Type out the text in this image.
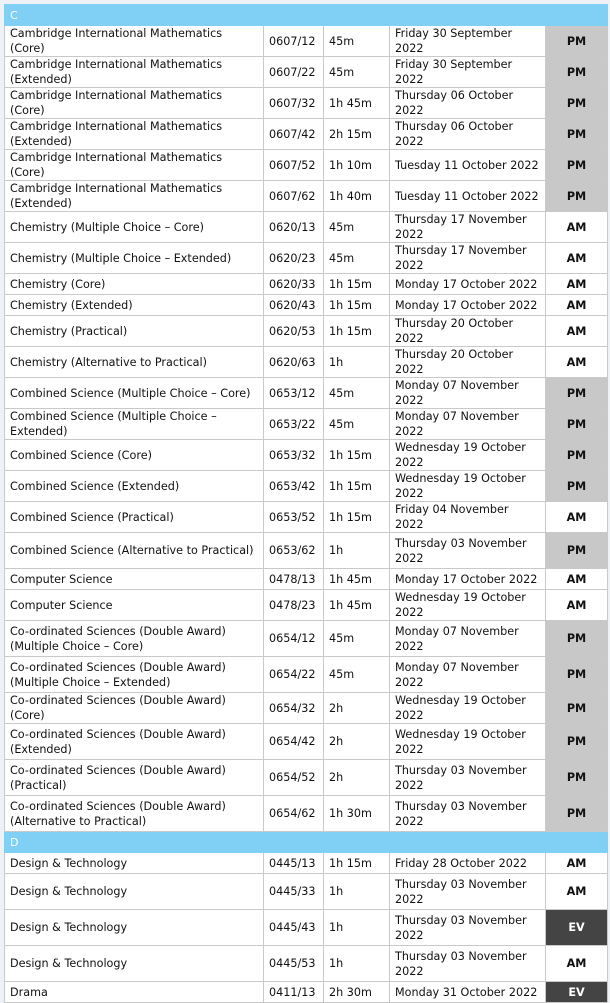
C				
Cambridge International Mathematics (Core)	0607/12	45m	Friday 30 September 2022	PM
Cambridge International Mathematics (Extended)	0607/22	45m	Friday 30 September 2022	PM
Cambridge International Mathematics (Core)	0607/32	1h 45m	Thursday 06 October 2022	PM
Cambridge International Mathematics (Extended)	0607/42	2h 15m	Thursday 06 October 2022	PM
Cambridge International Mathematics (Core)	0607/52	1h 10m	Tuesday 11 October 2022	PM
Cambridge International Mathematics (Extended)	0607/62	1h 40m	Tuesday 11 October 2022	PM
Chemistry (Multiple Choice – Core)	0620/13	45m	Thursday 17 November 2022	AM
Chemistry (Multiple Choice – Extended)	0620/23	45m	Thursday 17 November 2022	AM
Chemistry (Core)	0620/33	1h 15m	Monday 17 October 2022	AM
Chemistry (Extended)	0620/43	1h 15m	Monday 17 October 2022	AM
Chemistry (Practical)	0620/53	1h 15m	Thursday 20 October 2022	AM
Chemistry (Alternative to Practical)	0620/63	1h	Thursday 20 October 2022	AM
Combined Science (Multiple Choice – Core)	0653/12	45m	Monday 07 November 2022	PM
Combined Science (Multiple Choice – Extended)	0653/22	45m	Monday 07 November 2022	PM
Combined Science (Core)	0653/32	1h 15m	Wednesday 19 October 2022	PM
Combined Science (Extended)	0653/42	1h 15m	Wednesday 19 October 2022	PM
Combined Science (Practical)	0653/52	1h 15m	Friday 04 November 2022	AM
Combined Science (Alternative to Practical)	0653/62	1h	Thursday 03 November 2022	PM
Computer Science	0478/13	1h 45m	Monday 17 October 2022	AM
Computer Science	0478/23	1h 45m	Wednesday 19 October 2022	AM
Co-ordinated Sciences (Double Award) (Multiple Choice – Core)	0654/12	45m	Monday 07 November 2022	PM
Co-ordinated Sciences (Double Award) (Multiple Choice – Extended)	0654/22	45m	Monday 07 November 2022	PM
Co-ordinated Sciences (Double Award) (Core)	0654/32	2h	Wednesday 19 October 2022	PM
Co-ordinated Sciences (Double Award) (Extended)	0654/42	2h	Wednesday 19 October 2022	PM
Co-ordinated Sciences (Double Award) (Practical)	0654/52	2h	Thursday 03 November 2022	PM
Co-ordinated Sciences (Double Award) (Alternative to Practical)	0654/62	1h 30m	Thursday 03 November 2022	PM
D				
Design & Technology	0445/13	1h 15m	Friday 28 October 2022	AM
Design & Technology	0445/33	1h	Thursday 03 November 2022	AM
Design & Technology	0445/43	1h	Thursday 03 November 2022	EV
Design & Technology	0445/53	1h	Thursday 03 November 2022	AM
Drama	0411/13	2h 30m	Monday 31 October 2022	EV
